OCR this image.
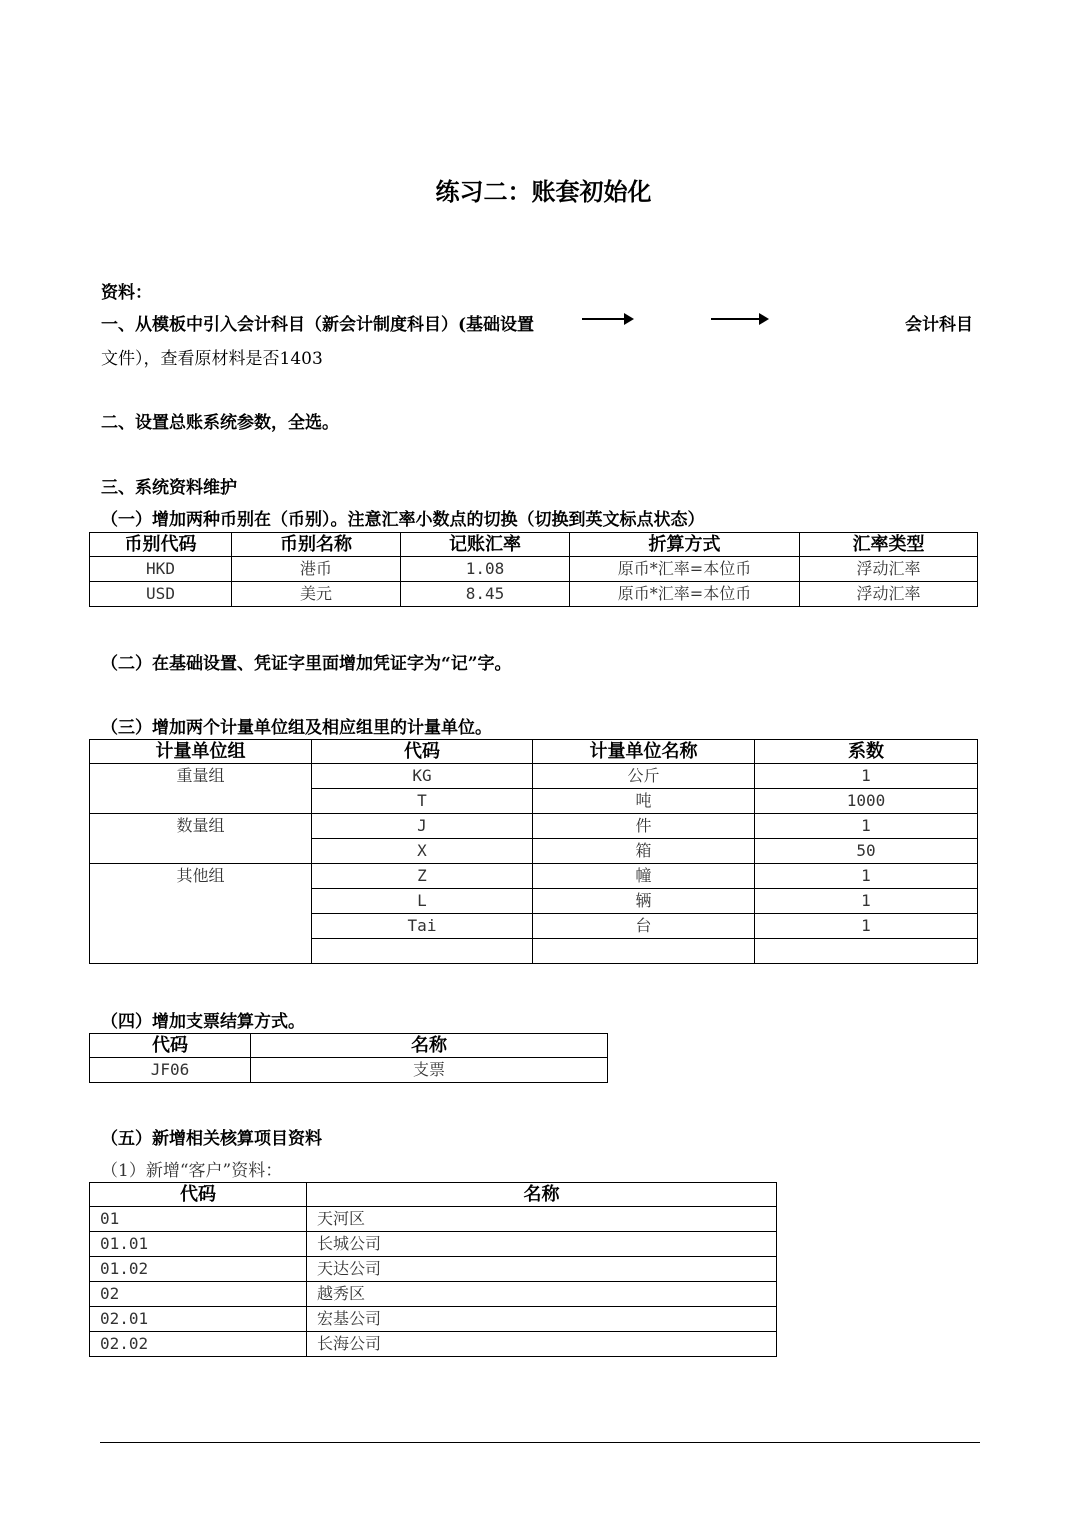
练习二：账套初始化
资料：
一、从模板中引入会计科目（新会计制度科目）(基础设置	会计科目
文件），查看原材料是否1403
二、设置总账系统参数，全选。
三、系统资料维护
（一）增加两种币别在（币别）。注意汇率小数点的切换（切换到英文标点状态）
币别代码	币别名称	记账汇率	折算方式	汇率类型
HKD	港币	1.08	原币*汇率=本位币	浮动汇率
USD	美元	8.45	原币*汇率=本位币	浮动汇率
（二）在基础设置、凭证字里面增加凭证字为“记”字。
（三）增加两个计量单位组及相应组里的计量单位。
计量单位组	代码	计量单位名称	系数
重量组	KG	公斤	1
	T	吨	1000
数量组	J	件	1
	X	箱	50
其他组	Z	幢	1
	L	辆	1
	Tai	台	1

（四）增加支票结算方式。
代码	名称
JF06	支票
（五）新增相关核算项目资料
（1）新增“客户”资料：
代码	名称
01	天河区
01.01	长城公司
01.02	天达公司
02	越秀区
02.01	宏基公司
02.02	长海公司
